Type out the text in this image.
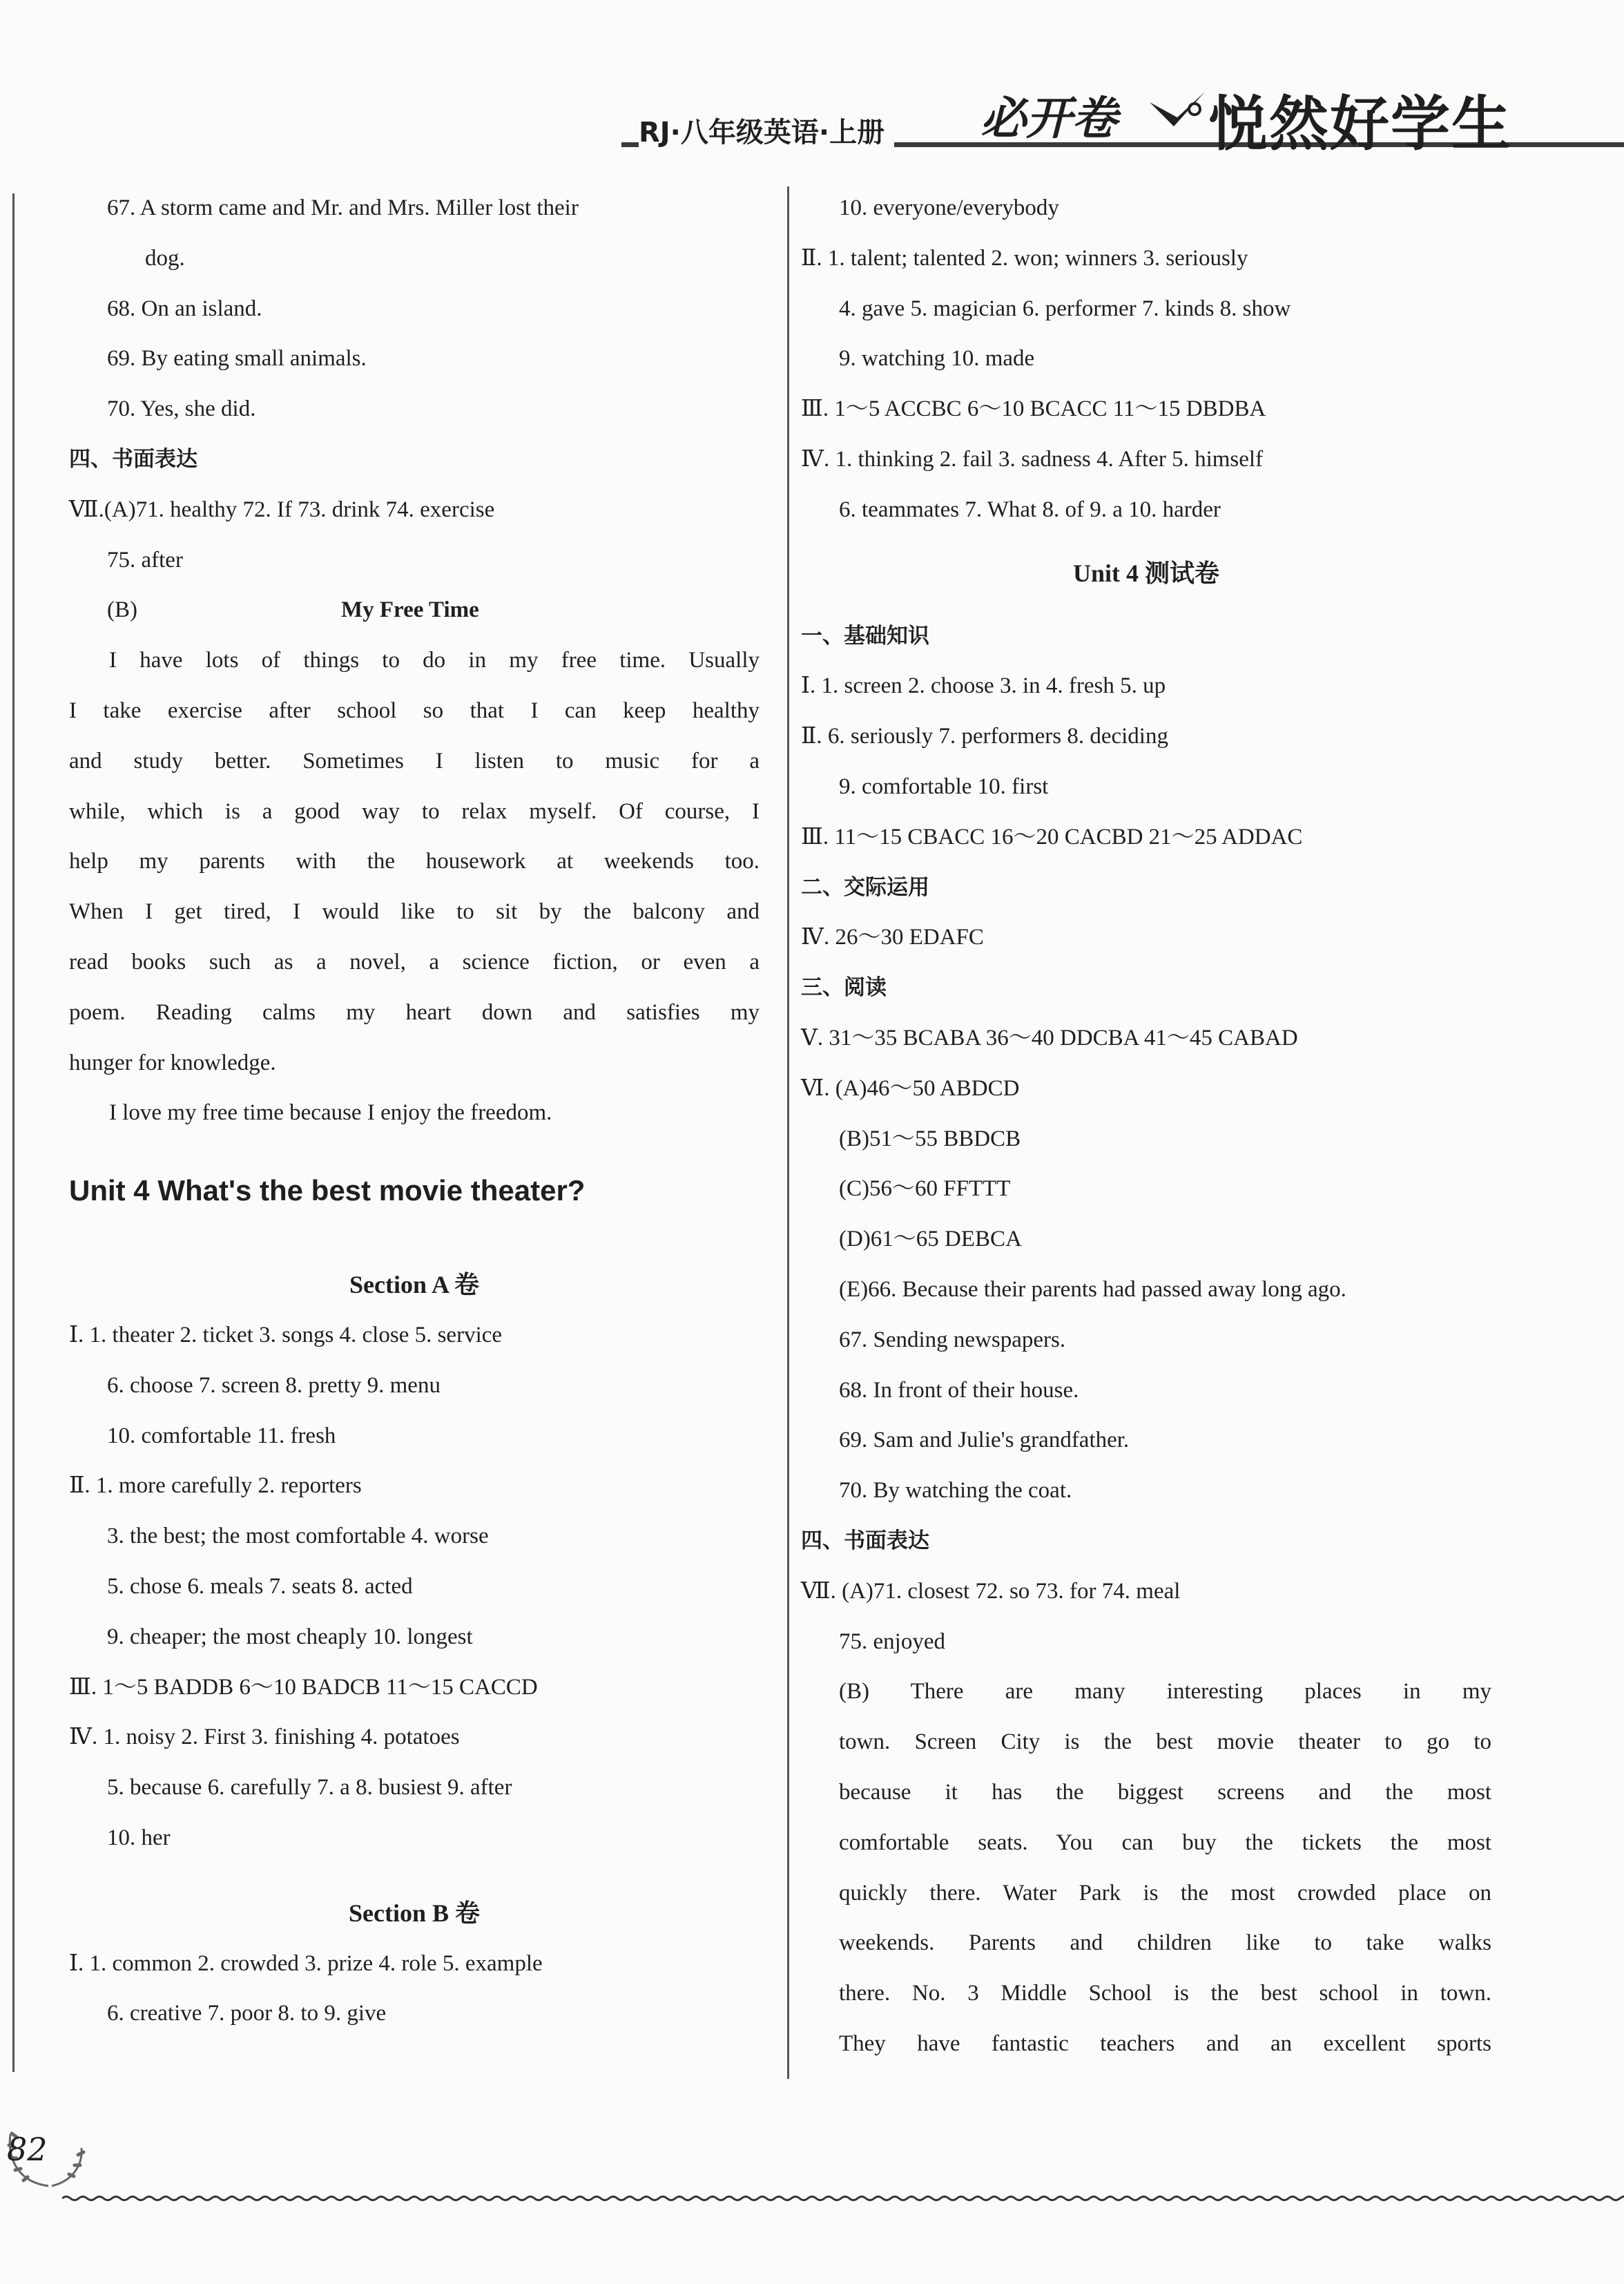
RJ·八年级英语·上册 必开卷 悦然好学生
67. A storm came and Mr. and Mrs. Miller lost their
dog.
68. On an island.
69. By eating small animals.
70. Yes, she did.
四、书面表达
Ⅶ.(A)71. healthy 72. If 73. drink 74. exercise
75. after
(B)	My Free Time
I have lots of things to do in my free time. Usually
I take exercise after school so that I can keep healthy
and study better. Sometimes I listen to music for a
while, which is a good way to relax myself. Of course, I
help my parents with the housework at weekends too.
When I get tired, I would like to sit by the balcony and
read books such as a novel, a science fiction, or even a
poem. Reading calms my heart down and satisfies my
hunger for knowledge.
I love my free time because I enjoy the freedom.
Unit 4 What's the best movie theater?
Section A 卷
Ⅰ. 1. theater 2. ticket 3. songs 4. close 5. service
6. choose 7. screen 8. pretty 9. menu
10. comfortable 11. fresh
Ⅱ. 1. more carefully 2. reporters
3. the best; the most comfortable 4. worse
5. chose 6. meals 7. seats 8. acted
9. cheaper; the most cheaply 10. longest
Ⅲ. 1～5 BADDB 6～10 BADCB 11～15 CACCD
Ⅳ. 1. noisy 2. First 3. finishing 4. potatoes
5. because 6. carefully 7. a 8. busiest 9. after
10. her
Section B 卷
Ⅰ. 1. common 2. crowded 3. prize 4. role 5. example
6. creative 7. poor 8. to 9. give
10. everyone/everybody
Ⅱ. 1. talent; talented 2. won; winners 3. seriously
4. gave 5. magician 6. performer 7. kinds 8. show
9. watching 10. made
Ⅲ. 1～5 ACCBC 6～10 BCACC 11～15 DBDBA
Ⅳ. 1. thinking 2. fail 3. sadness 4. After 5. himself
6. teammates 7. What 8. of 9. a 10. harder
Unit 4 测试卷
一、基础知识
Ⅰ. 1. screen 2. choose 3. in 4. fresh 5. up
Ⅱ. 6. seriously 7. performers 8. deciding
9. comfortable 10. first
Ⅲ. 11～15 CBACC 16～20 CACBD 21～25 ADDAC
二、交际运用
Ⅳ. 26～30 EDAFC
三、阅读
Ⅴ. 31～35 BCABA 36～40 DDCBA 41～45 CABAD
Ⅵ. (A)46～50 ABDCD
(B)51～55 BBDCB
(C)56～60 FFTTT
(D)61～65 DEBCA
(E)66. Because their parents had passed away long ago.
67. Sending newspapers.
68. In front of their house.
69. Sam and Julie's grandfather.
70. By watching the coat.
四、书面表达
Ⅶ. (A)71. closest 72. so 73. for 74. meal
75. enjoyed
(B) There are many interesting places in my
town. Screen City is the best movie theater to go to
because it has the biggest screens and the most
comfortable seats. You can buy the tickets the most
quickly there. Water Park is the most crowded place on
weekends. Parents and children like to take walks
there. No. 3 Middle School is the best school in town.
They have fantastic teachers and an excellent sports
82
